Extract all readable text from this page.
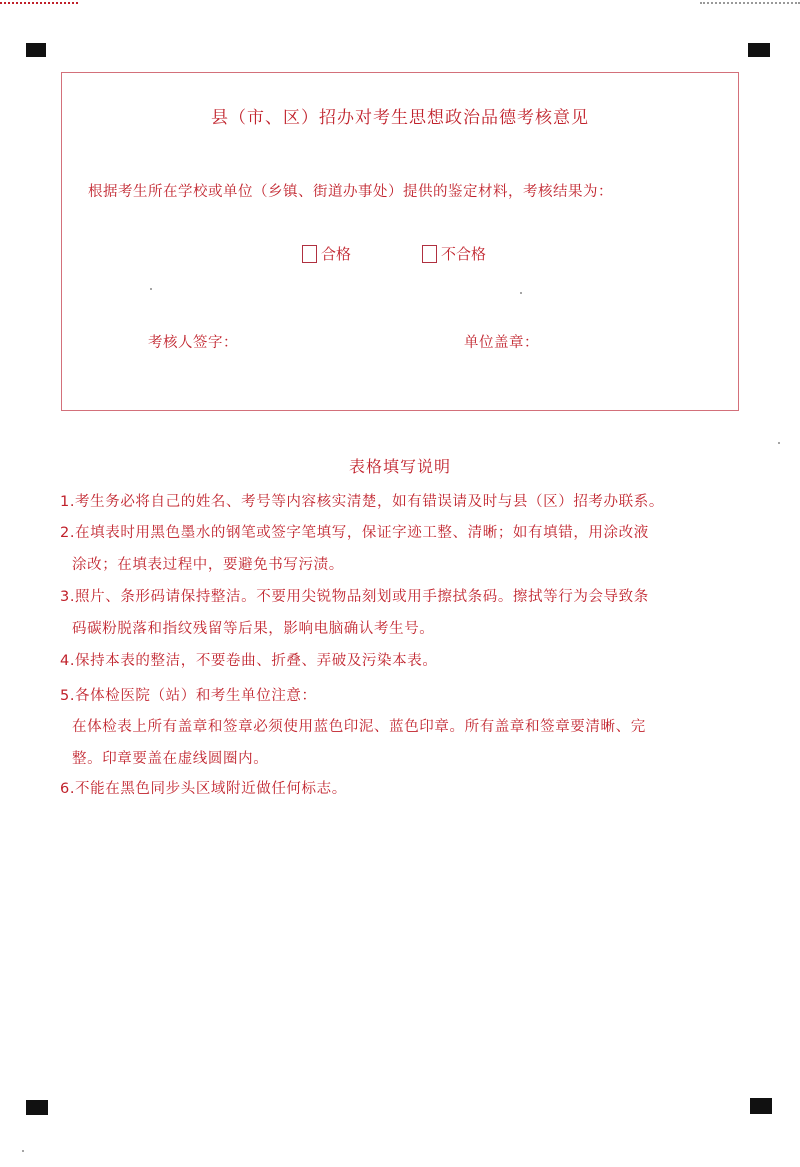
县（市、区）招办对考生思想政治品德考核意见
根据考生所在学校或单位（乡镇、街道办事处）提供的鉴定材料，考核结果为：
合格	不合格
考核人签字：	单位盖章：
表格填写说明
1.考生务必将自己的姓名、考号等内容核实清楚，如有错误请及时与县（区）招考办联系。
2.在填表时用黑色墨水的钢笔或签字笔填写，保证字迹工整、清晰；如有填错，用涂改液
涂改；在填表过程中，要避免书写污渍。
3.照片、条形码请保持整洁。不要用尖锐物品刻划或用手擦拭条码。擦拭等行为会导致条
码碳粉脱落和指纹残留等后果，影响电脑确认考生号。
4.保持本表的整洁，不要卷曲、折叠、弄破及污染本表。
5.各体检医院（站）和考生单位注意：
在体检表上所有盖章和签章必须使用蓝色印泥、蓝色印章。所有盖章和签章要清晰、完
整。印章要盖在虚线圆圈内。
6.不能在黑色同步头区域附近做任何标志。
